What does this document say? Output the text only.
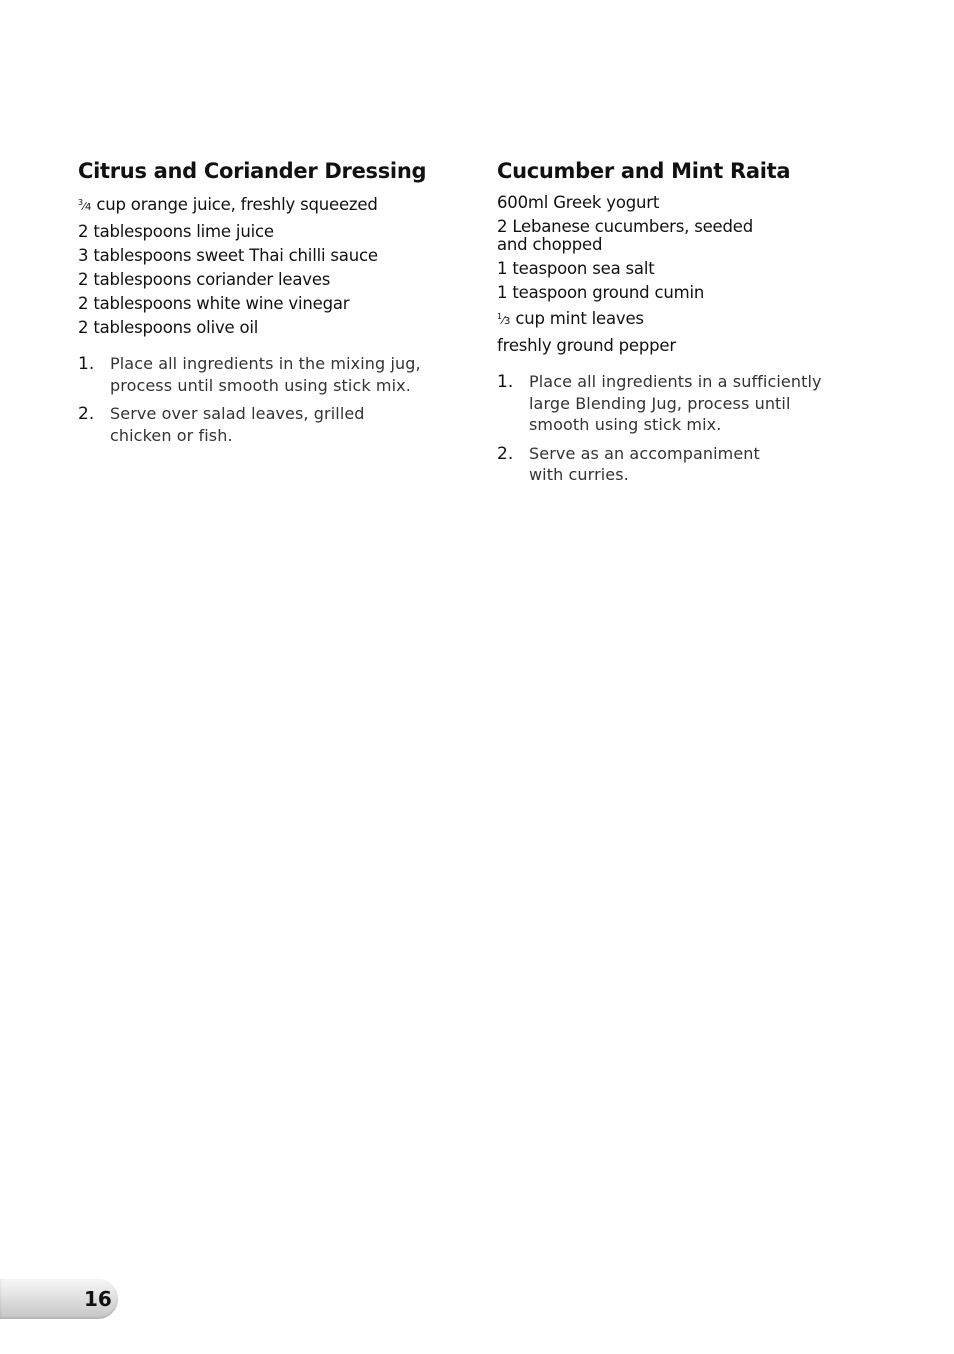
Citrus and Coriander Dressing
$^3$⁄4 cup orange juice, freshly squeezed
2 tablespoons lime juice
3 tablespoons sweet Thai chilli sauce
2 tablespoons coriander leaves
2 tablespoons white wine vinegar
2 tablespoons olive oil
1. Place all ingredients in the mixing jug,
process until smooth using stick mix.
2. Serve over salad leaves, grilled
chicken or fish.
Cucumber and Mint Raita
600ml Greek yogurt
2 Lebanese cucumbers, seeded
and chopped
1 teaspoon sea salt
1 teaspoon ground cumin
$^1$⁄3 cup mint leaves
freshly ground pepper
1. Place all ingredients in a sufficiently
large Blending Jug, process until
smooth using stick mix.
2. Serve as an accompaniment
with curries.
16
